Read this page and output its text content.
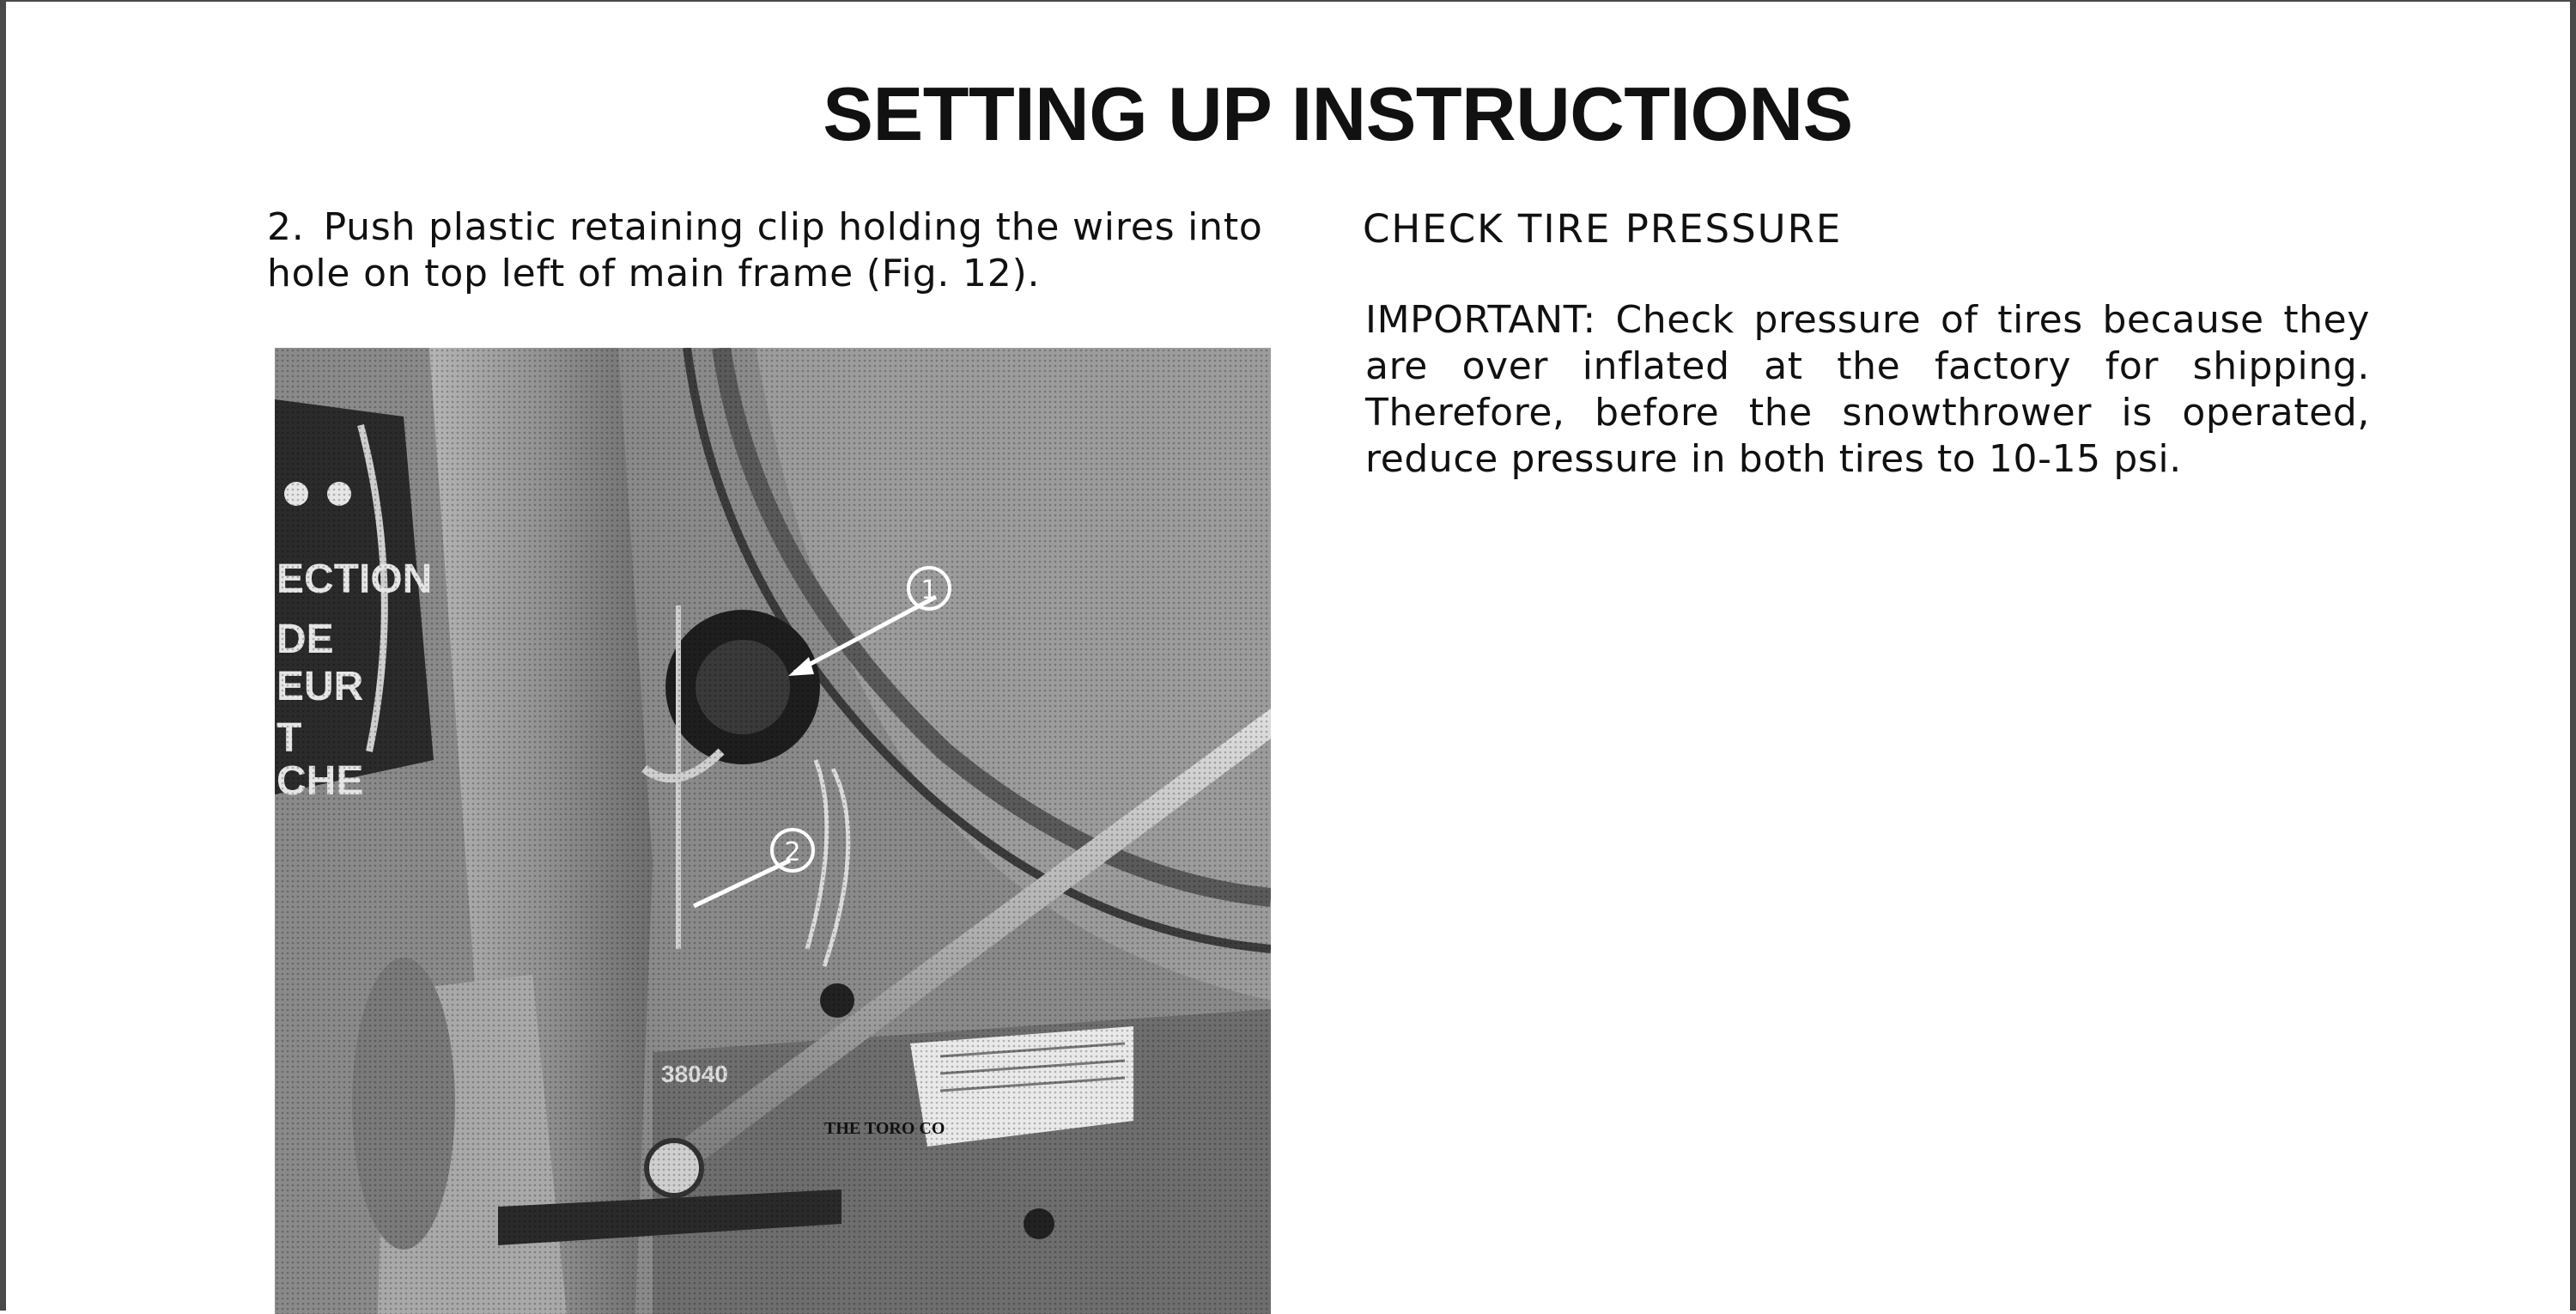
SETTING UP INSTRUCTIONS

2. Push plastic retaining clip holding the wires into hole on top left of main frame (Fig. 12).

1
2
CHECK TIRE PRESSURE

IMPORTANT: Check pressure of tires because they are over inflated at the factory for shipping. Therefore, before the snowthrower is operated, reduce pressure in both tires to 10-15 psi.
